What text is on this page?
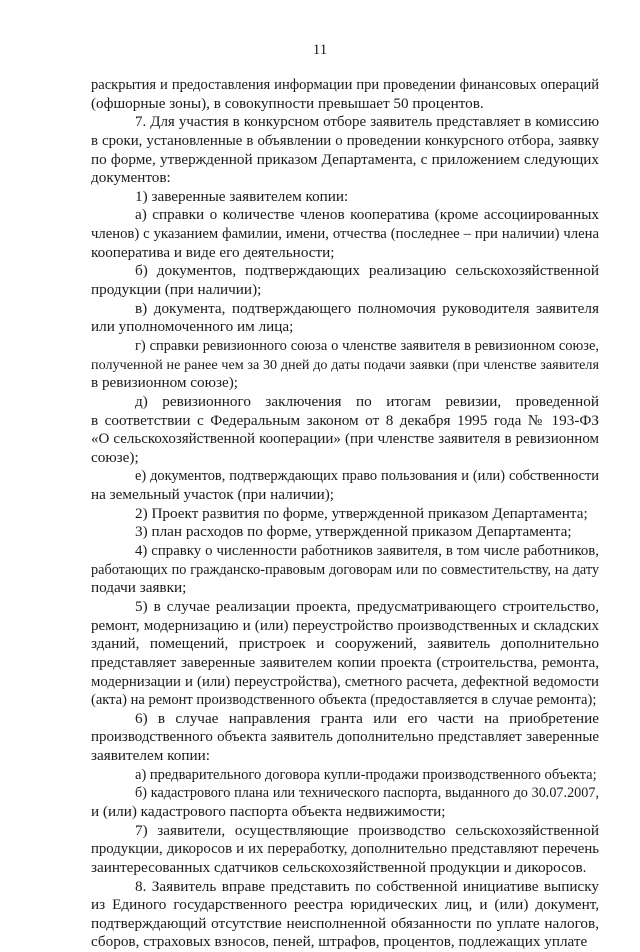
11
раскрытия и предоставления информации при проведении финансовых операций
(офшорные зоны), в совокупности превышает 50 процентов.
7. Для участия в конкурсном отборе заявитель представляет в комиссию
в сроки, установленные в объявлении о проведении конкурсного отбора, заявку
по форме, утвержденной приказом Департамента, с приложением следующих
документов:
1) заверенные заявителем копии:
а) справки о количестве членов кооператива (кроме ассоциированных
членов) с указанием фамилии, имени, отчества (последнее – при наличии) члена
кооператива и виде его деятельности;
б) документов, подтверждающих реализацию сельскохозяйственной
продукции (при наличии);
в) документа, подтверждающего полномочия руководителя заявителя
или уполномоченного им лица;
г) справки ревизионного союза о членстве заявителя в ревизионном союзе,
полученной не ранее чем за 30 дней до даты подачи заявки (при членстве заявителя
в ревизионном союзе);
д) ревизионного заключения по итогам ревизии, проведенной
в соответствии с Федеральным законом от 8 декабря 1995 года № 193-ФЗ
«О сельскохозяйственной кооперации» (при членстве заявителя в ревизионном
союзе);
е) документов, подтверждающих право пользования и (или) собственности
на земельный участок (при наличии);
2) Проект развития по форме, утвержденной приказом Департамента;
3) план расходов по форме, утвержденной приказом Департамента;
4) справку о численности работников заявителя, в том числе работников,
работающих по гражданско-правовым договорам или по совместительству, на дату
подачи заявки;
5) в случае реализации проекта, предусматривающего строительство,
ремонт, модернизацию и (или) переустройство производственных и складских
зданий, помещений, пристроек и сооружений, заявитель дополнительно
представляет заверенные заявителем копии проекта (строительства, ремонта,
модернизации и (или) переустройства), сметного расчета, дефектной ведомости
(акта) на ремонт производственного объекта (предоставляется в случае ремонта);
6) в случае направления гранта или его части на приобретение
производственного объекта заявитель дополнительно представляет заверенные
заявителем копии:
а) предварительного договора купли-продажи производственного объекта;
б) кадастрового плана или технического паспорта, выданного до 30.07.2007,
и (или) кадастрового паспорта объекта недвижимости;
7) заявители, осуществляющие производство сельскохозяйственной
продукции, дикоросов и их переработку, дополнительно представляют перечень
заинтересованных сдатчиков сельскохозяйственной продукции и дикоросов.
8. Заявитель вправе представить по собственной инициативе выписку
из Единого государственного реестра юридических лиц, и (или) документ,
подтверждающий отсутствие неисполненной обязанности по уплате налогов,
сборов, страховых взносов, пеней, штрафов, процентов, подлежащих уплате
